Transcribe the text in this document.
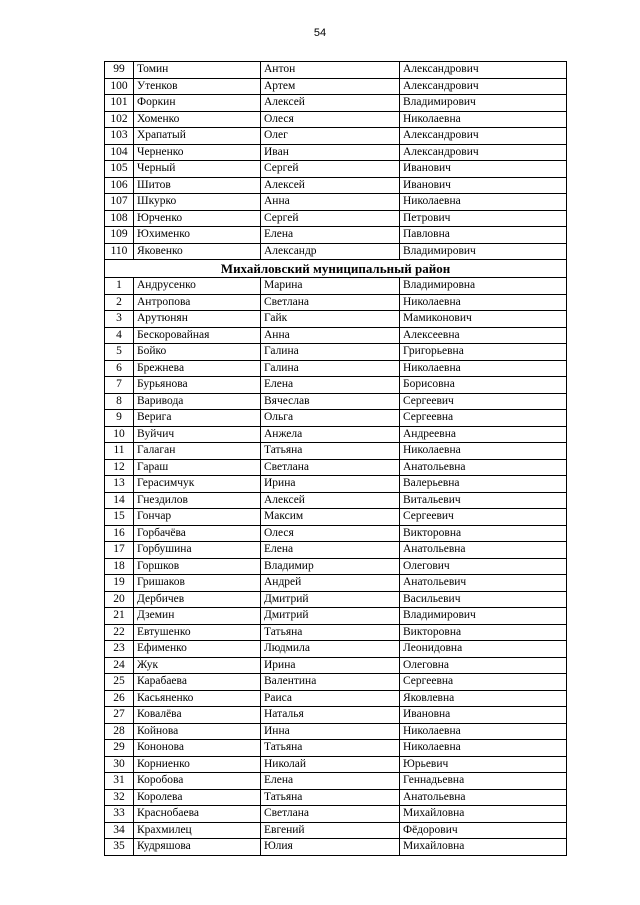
54
99	Томин	Антон	Александрович
100	Утенков	Артем	Александрович
101	Форкин	Алексей	Владимирович
102	Хоменко	Олеся	Николаевна
103	Храпатый	Олег	Александрович
104	Черненко	Иван	Александрович
105	Черный	Сергей	Иванович
106	Шитов	Алексей	Иванович
107	Шкурко	Анна	Николаевна
108	Юрченко	Сергей	Петрович
109	Юхименко	Елена	Павловна
110	Яковенко	Александр	Владимирович
Михайловский муниципальный район			
1	Андрусенко	Марина	Владимировна
2	Антропова	Светлана	Николаевна
3	Арутюнян	Гайк	Мамиконович
4	Бескоровайная	Анна	Алексеевна
5	Бойко	Галина	Григорьевна
6	Брежнева	Галина	Николаевна
7	Бурьянова	Елена	Борисовна
8	Варивода	Вячеслав	Сергеевич
9	Верига	Ольга	Сергеевна
10	Вуйчич	Анжела	Андреевна
11	Галаган	Татьяна	Николаевна
12	Гараш	Светлана	Анатольевна
13	Герасимчук	Ирина	Валерьевна
14	Гнездилов	Алексей	Витальевич
15	Гончар	Максим	Сергеевич
16	Горбачёва	Олеся	Викторовна
17	Горбушина	Елена	Анатольевна
18	Горшков	Владимир	Олегович
19	Гришаков	Андрей	Анатольевич
20	Дербичев	Дмитрий	Васильевич
21	Дземин	Дмитрий	Владимирович
22	Евтушенко	Татьяна	Викторовна
23	Ефименко	Людмила	Леонидовна
24	Жук	Ирина	Олеговна
25	Карабаева	Валентина	Сергеевна
26	Касьяненко	Раиса	Яковлевна
27	Ковалёва	Наталья	Ивановна
28	Койнова	Инна	Николаевна
29	Кононова	Татьяна	Николаевна
30	Корниенко	Николай	Юрьевич
31	Коробова	Елена	Геннадьевна
32	Королева	Татьяна	Анатольевна
33	Краснобаева	Светлана	Михайловна
34	Крахмилец	Евгений	Фёдорович
35	Кудряшова	Юлия	Михайловна
